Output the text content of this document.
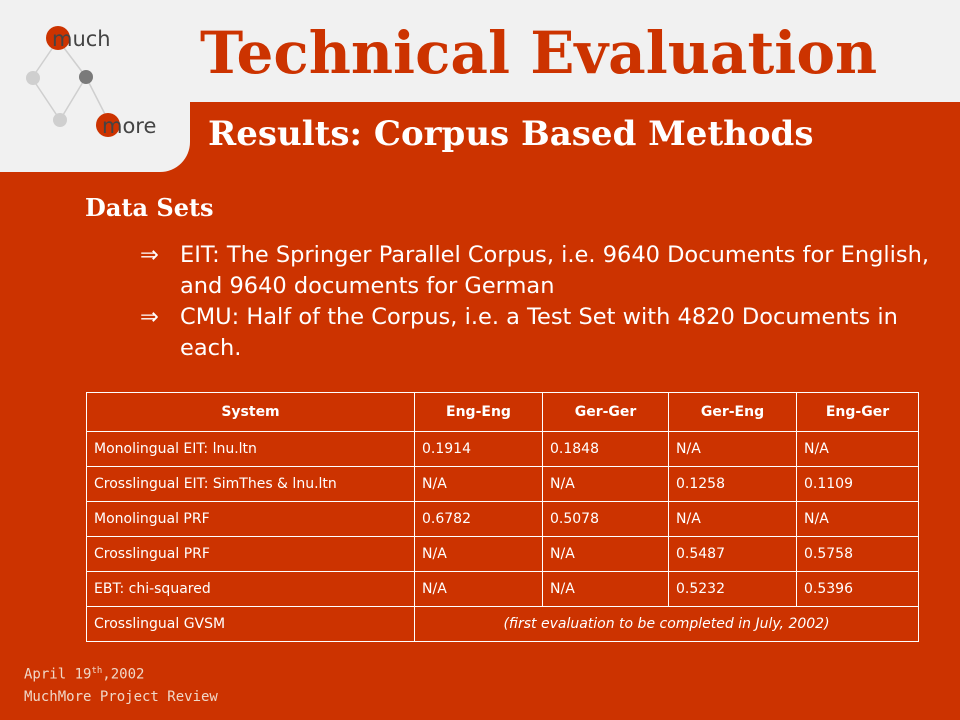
much
more
Technical Evaluation
Results: Corpus Based Methods
Data Sets
⇒ EIT: The Springer Parallel Corpus, i.e. 9640 Documents for English, and 9640 documents for German
⇒ CMU: Half of the Corpus, i.e. a Test Set with 4820 Documents in each.
System	Eng-Eng	Ger-Ger	Ger-Eng	Eng-Ger
Monolingual EIT: lnu.ltn	0.1914	0.1848	N/A	N/A
Crosslingual EIT: SimThes & lnu.ltn	N/A	N/A	0.1258	0.1109
Monolingual PRF	0.6782	0.5078	N/A	N/A
Crosslingual PRF	N/A	N/A	0.5487	0.5758
EBT: chi-squared	N/A	N/A	0.5232	0.5396
Crosslingual GVSM	(first evaluation to be completed in July, 2002)			
April 19th,2002
MuchMore Project Review
